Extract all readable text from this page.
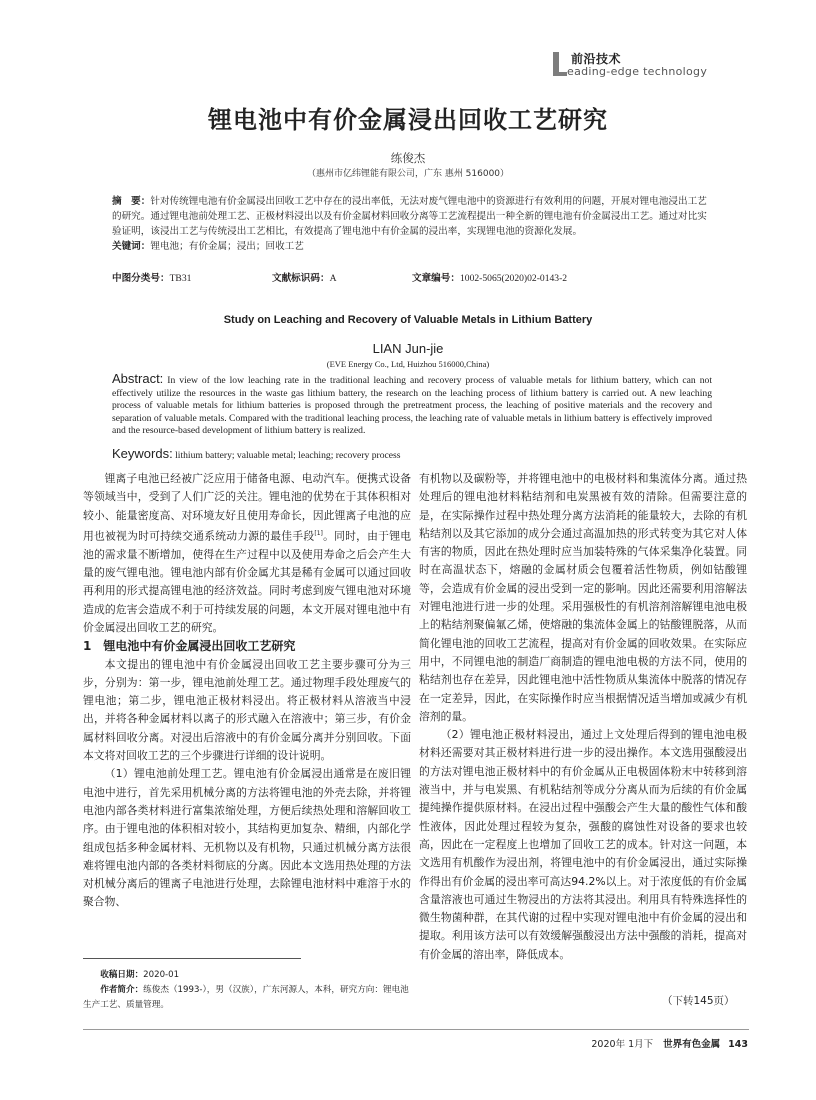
前沿技术
eading-edge technology
锂电池中有价金属浸出回收工艺研究
练俊杰
（惠州市亿纬锂能有限公司，广东 惠州 516000）
摘　要：针对传统锂电池有价金属浸出回收工艺中存在的浸出率低，无法对废气锂电池中的资源进行有效利用的问题，开展对锂电池浸出工艺的研究。通过锂电池前处理工艺、正极材料浸出以及有价金属材料回收分离等工艺流程提出一种全新的锂电池有价金属浸出工艺。通过对比实验证明，该浸出工艺与传统浸出工艺相比，有效提高了锂电池中有价金属的浸出率，实现锂电池的资源化发展。
关键词：锂电池；有价金属；浸出；回收工艺
中图分类号：TB31	文献标识码：A	文章编号：1002-5065(2020)02-0143-2
Study on Leaching and Recovery of Valuable Metals in Lithium Battery
LIAN Jun-jie
(EVE Energy Co., Ltd, Huizhou 516000,China)
Abstract: In view of the low leaching rate in the traditional leaching and recovery process of valuable metals for lithium battery, which can not effectively utilize the resources in the waste gas lithium battery, the research on the leaching process of lithium battery is carried out. A new leaching process of valuable metals for lithium batteries is proposed through the pretreatment process, the leaching of positive materials and the recovery and separation of valuable metals. Compared with the traditional leaching process, the leaching rate of valuable metals in lithium battery is effectively improved and the resource-based development of lithium battery is realized.
Keywords: lithium battery; valuable metal; leaching; recovery process

锂离子电池已经被广泛应用于储备电源、电动汽车。便携式设备等领域当中，受到了人们广泛的关注。锂电池的优势在于其体积相对较小、能量密度高、对环境友好且使用寿命长，因此锂离子电池的应用也被视为时可持续交通系统动力源的最佳手段[1]。同时，由于锂电池的需求量不断增加，使得在生产过程中以及使用寿命之后会产生大量的废气锂电池。锂电池内部有价金属尤其是稀有金属可以通过回收再利用的形式提高锂电池的经济效益。同时考虑到废气锂电池对环境造成的危害会造成不利于可持续发展的问题，本文开展对锂电池中有价金属浸出回收工艺的研究。

1 锂电池中有价金属浸出回收工艺研究

本文提出的锂电池中有价金属浸出回收工艺主要步骤可分为三步，分别为：第一步，锂电池前处理工艺。通过物理手段处理废气的锂电池；第二步，锂电池正极材料浸出。将正极材料从溶液当中浸出，并将各种金属材料以离子的形式融入在溶液中；第三步，有价金属材料回收分离。对浸出后溶液中的有价金属分离并分别回收。下面本文将对回收工艺的三个步骤进行详细的设计说明。

（1）锂电池前处理工艺。锂电池有价金属浸出通常是在废旧锂电池中进行，首先采用机械分离的方法将锂电池的外壳去除，并将锂电池内部各类材料进行富集浓缩处理，方便后续热处理和溶解回收工序。由于锂电池的体积相对较小，其结构更加复杂、精细，内部化学组成包括多种金属材料、无机物以及有机物，只通过机械分离方法很难将锂电池内部的各类材料彻底的分离。因此本文选用热处理的方法对机械分离后的锂离子电池进行处理，去除锂电池材料中难溶于水的聚合物、

有机物以及碳粉等，并将锂电池中的电极材料和集流体分离。通过热处理后的锂电池材料粘结剂和电炭黑被有效的清除。但需要注意的是，在实际操作过程中热处理分离方法消耗的能量较大，去除的有机粘结剂以及其它添加的成分会通过高温加热的形式转变为其它对人体有害的物质，因此在热处理时应当加装特殊的气体采集净化装置。同时在高温状态下，熔融的金属材质会包覆着活性物质，例如钴酸锂等，会造成有价金属的浸出受到一定的影响。因此还需要利用溶解法对锂电池进行进一步的处理。采用强极性的有机溶剂溶解锂电池电极上的粘结剂聚偏氟乙烯，使熔融的集流体金属上的钴酸锂脱落，从而简化锂电池的回收工艺流程，提高对有价金属的回收效果。在实际应用中，不同锂电池的制造厂商制造的锂电池电极的方法不同，使用的粘结剂也存在差异，因此锂电池中活性物质从集流体中脱落的情况存在一定差异，因此，在实际操作时应当根据情况适当增加或减少有机溶剂的量。

（2）锂电池正极材料浸出，通过上文处理后得到的锂电池电极材料还需要对其正极材料进行进一步的浸出操作。本文选用强酸浸出的方法对锂电池正极材料中的有价金属从正电极固体粉末中转移到溶液当中，并与电炭黑、有机粘结剂等成分分离从而为后续的有价金属提纯操作提供原材料。在浸出过程中强酸会产生大量的酸性气体和酸性液体，因此处理过程较为复杂，强酸的腐蚀性对设备的要求也较高，因此在一定程度上也增加了回收工艺的成本。针对这一问题，本文选用有机酸作为浸出剂，将锂电池中的有价金属浸出，通过实际操作得出有价金属的浸出率可高达94.2%以上。对于浓度低的有价金属含量溶液也可通过生物浸出的方法将其浸出。利用具有特殊选择性的微生物菌种群，在其代谢的过程中实现对锂电池中有价金属的浸出和提取。利用该方法可以有效缓解强酸浸出方法中强酸的消耗，提高对有价金属的溶出率，降低成本。

（下转145页）
收稿日期：2020-01
作者简介：练俊杰（1993-），男（汉族），广东河源人，本科，研究方向：锂电池生产工艺、质量管理。
2020年 1月下 世界有色金属 143
